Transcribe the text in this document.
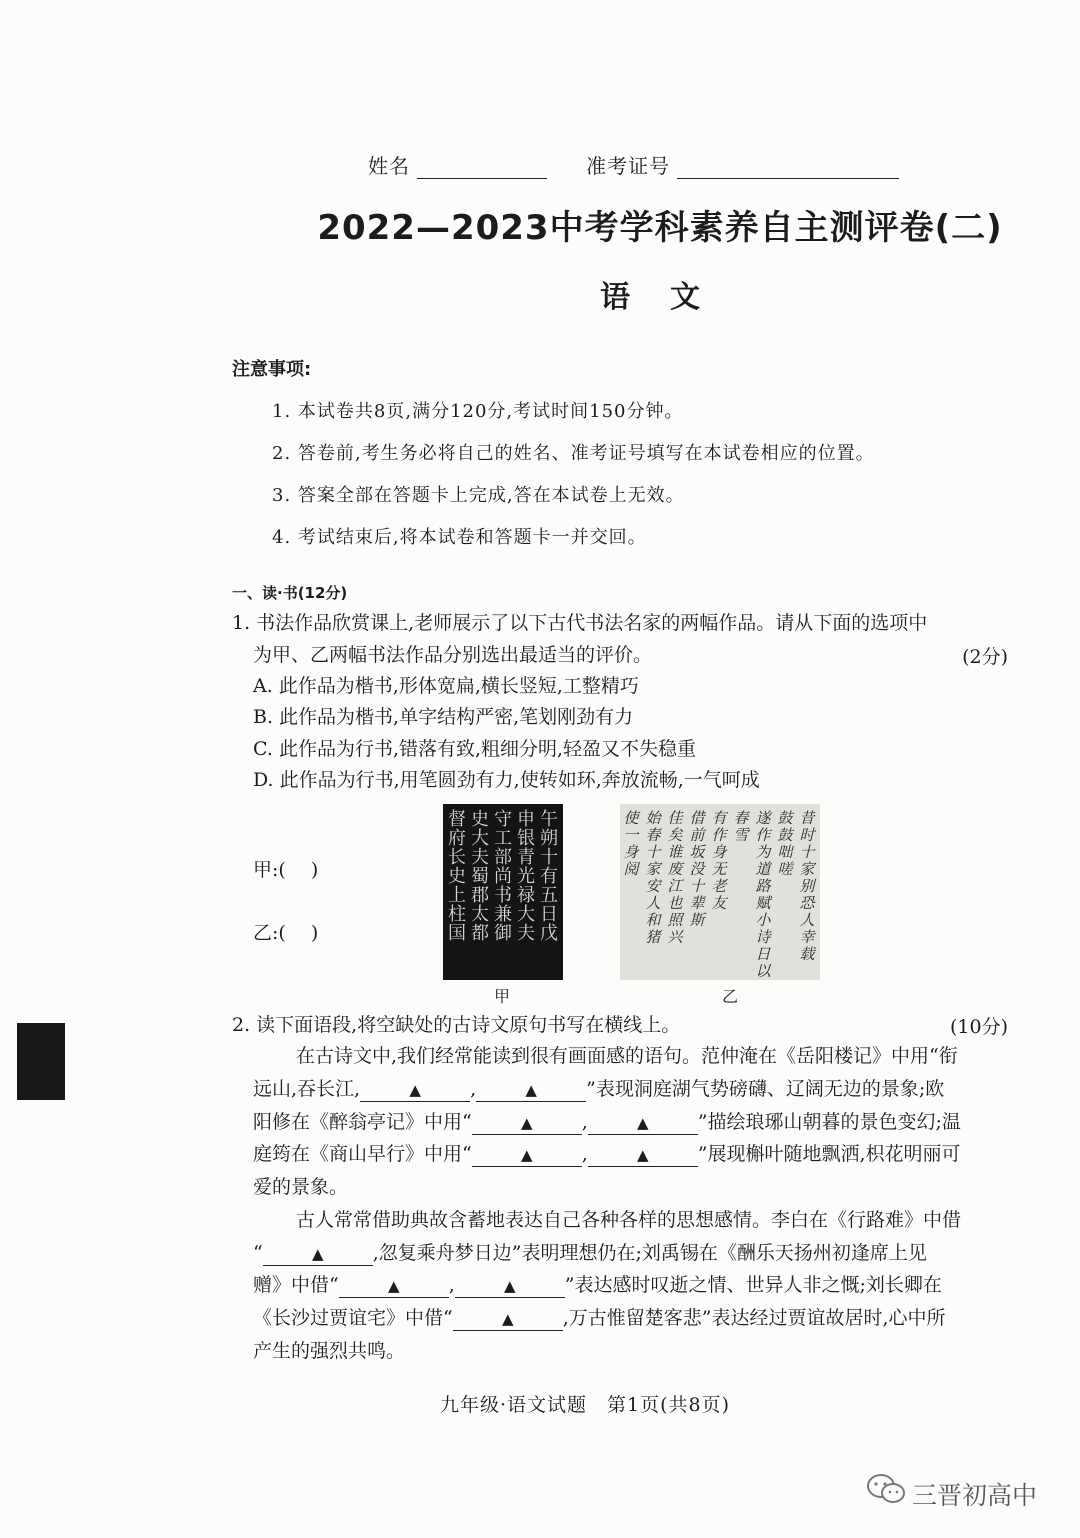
姓名	准考证号
2022—2023中考学科素养自主测评卷(二)
语文
注意事项:
1. 本试卷共8页,满分120分,考试时间150分钟。
2. 答卷前,考生务必将自己的姓名、准考证号填写在本试卷相应的位置。
3. 答案全部在答题卡上完成,答在本试卷上无效。
4. 考试结束后,将本试卷和答题卡一并交回。
一、读·书(12分)
1. 书法作品欣赏课上,老师展示了以下古代书法名家的两幅作品。请从下面的选项中
为甲、乙两幅书法作品分别选出最适当的评价。	(2分)
A. 此作品为楷书,形体宽扁,横长竖短,工整精巧
B. 此作品为楷书,单字结构严密,笔划刚劲有力
C. 此作品为行书,错落有致,粗细分明,轻盈又不失稳重
D. 此作品为行书,用笔圆劲有力,使转如环,奔放流畅,一气呵成
甲:(　 )
乙:(　 )
午朔十有五日戊
申银青光禄大夫
守工部尚书兼御
史大夫蜀郡太都
督府长史上柱国
甲
昔时十家别恐人幸载
鼓鼓咄嗟
遂作为道路赋小诗日以
春雪
有作身无老友
借前坂没十辈斯
佳矣谁废江也照兴
始春十家安人和猪
使一身阅
乙
2. 读下面语段,将空缺处的古诗文原句书写在横线上。	(10分)
在古诗文中,我们经常能读到很有画面感的语句。范仲淹在《岳阳楼记》中用“衔
远山,吞长江,	▲	,	▲	”表现洞庭湖气势磅礴、辽阔无边的景象;欧
阳修在《醉翁亭记》中用“	▲	,	▲	”描绘琅琊山朝暮的景色变幻;温
庭筠在《商山早行》中用“	▲	,	▲	”展现槲叶随地飘洒,枳花明丽可
爱的景象。
古人常常借助典故含蓄地表达自己各种各样的思想感情。李白在《行路难》中借
“	▲	,忽复乘舟梦日边”表明理想仍在;刘禹锡在《酬乐天扬州初逢席上见
赠》中借“	▲	,	▲	”表达感时叹逝之情、世异人非之慨;刘长卿在
《长沙过贾谊宅》中借“	▲	,万古惟留楚客悲”表达经过贾谊故居时,心中所
产生的强烈共鸣。
九年级·语文试题　第1页(共8页)
三晋初高中
